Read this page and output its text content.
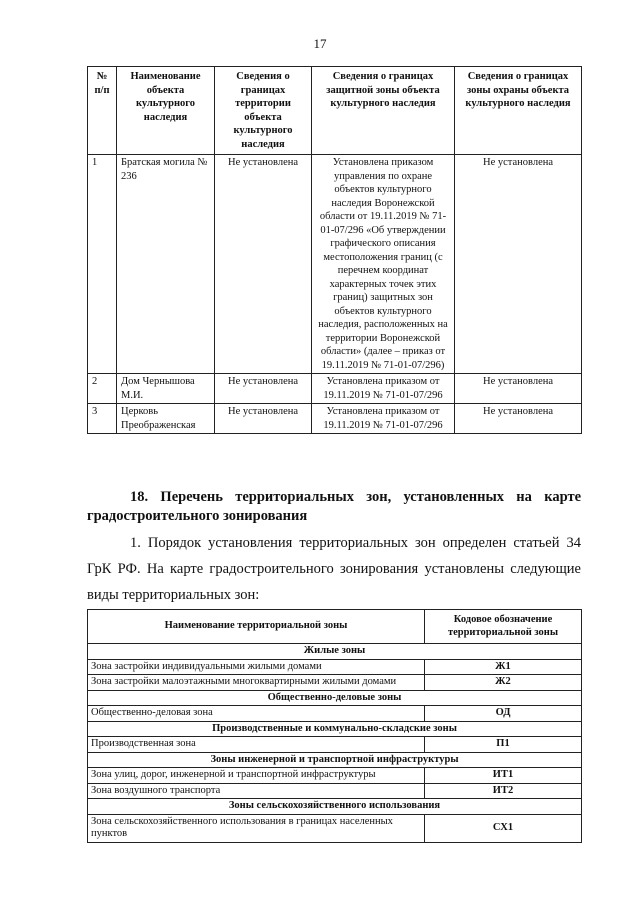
17
№ п/п	Наименование объекта культурного наследия	Сведения о границах территории объекта культурного наследия	Сведения о границах защитной зоны объекта культурного наследия	Сведения о границах зоны охраны объекта культурного наследия
1	Братская могила № 236	Не установлена	Установлена приказом управления по охране объектов культурного наследия Воронежской области от 19.11.2019 № 71-01-07/296 «Об утверждении графического описания местоположения границ (с перечнем координат характерных точек этих границ) защитных зон объектов культурного наследия, расположенных на территории Воронежской области» (далее – приказ от 19.11.2019 № 71-01-07/296)	Не установлена
2	Дом Чернышова М.И.	Не установлена	Установлена приказом от 19.11.2019 № 71-01-07/296	Не установлена
3	Церковь Преображенская	Не установлена	Установлена приказом от 19.11.2019 № 71-01-07/296	Не установлена
18. Перечень территориальных зон, установленных на карте градостроительного зонирования
1. Порядок установления территориальных зон определен статьей 34 ГрК РФ. На карте градостроительного зонирования установлены следующие виды территориальных зон:
Наименование территориальной зоны	Кодовое обозначение территориальной зоны
Жилые зоны	
Зона застройки индивидуальными жилыми домами	Ж1
Зона застройки малоэтажными многоквартирными жилыми домами	Ж2
Общественно-деловые зоны	
Общественно-деловая зона	ОД
Производственные и коммунально-складские зоны	
Производственная зона	П1
Зоны инженерной и транспортной инфраструктуры	
Зона улиц, дорог, инженерной и транспортной инфраструктуры	ИТ1
Зона воздушного транспорта	ИТ2
Зоны сельскохозяйственного использования	
Зона сельскохозяйственного использования в границах населенных пунктов	СХ1
